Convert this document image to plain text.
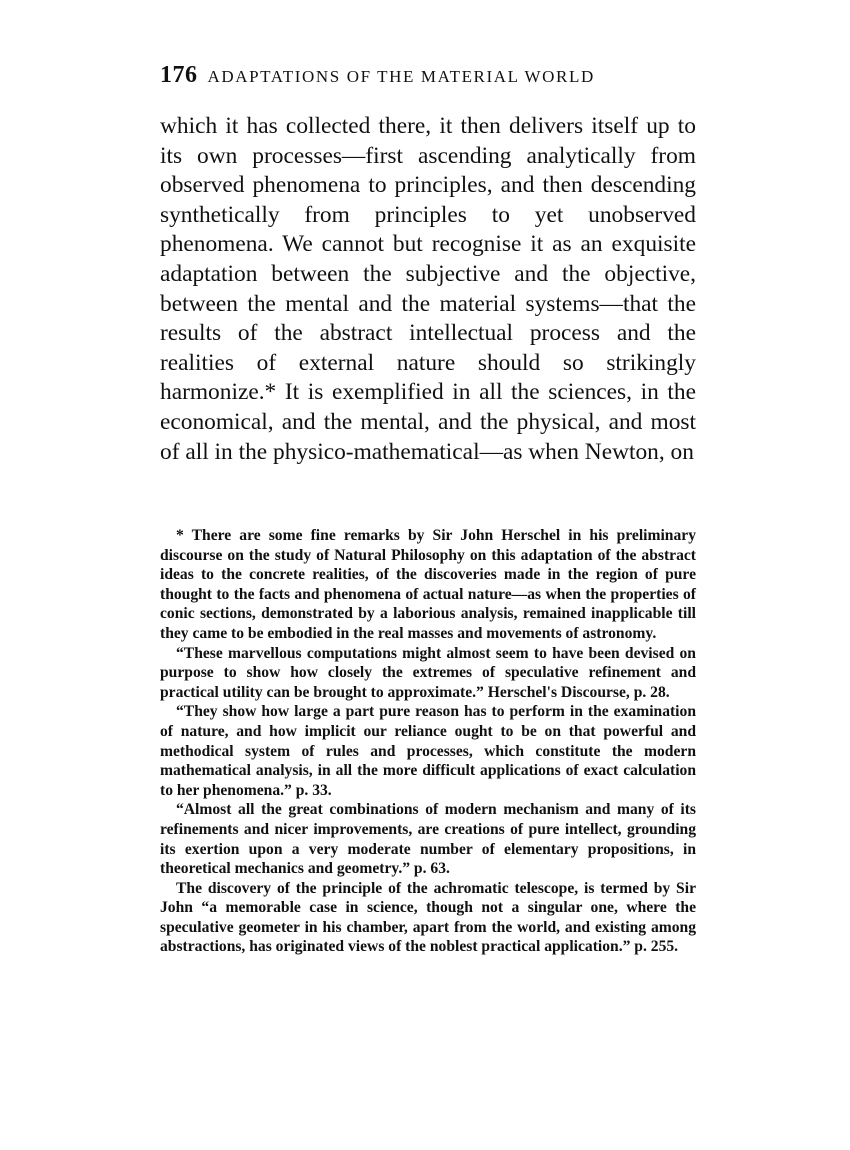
176 ADAPTATIONS OF THE MATERIAL WORLD

which it has collected there, it then delivers itself up to its own processes—first ascending analytically from observed phenomena to principles, and then descending synthetically from principles to yet unobserved phenomena. We cannot but recognise it as an exquisite adaptation between the subjective and the objective, between the mental and the material systems—that the results of the abstract intellectual process and the realities of external nature should so strikingly harmonize.* It is exemplified in all the sciences, in the economical, and the mental, and the physical, and most of all in the physico-mathematical—as when Newton, on

* There are some fine remarks by Sir John Herschel in his preliminary discourse on the study of Natural Philosophy on this adaptation of the abstract ideas to the concrete realities, of the discoveries made in the region of pure thought to the facts and phenomena of actual nature—as when the properties of conic sections, demonstrated by a laborious analysis, remained inapplicable till they came to be embodied in the real masses and movements of astronomy.

“These marvellous computations might almost seem to have been devised on purpose to show how closely the extremes of speculative refinement and practical utility can be brought to approximate.” Herschel's Discourse, p. 28.

“They show how large a part pure reason has to perform in the examination of nature, and how implicit our reliance ought to be on that powerful and methodical system of rules and processes, which constitute the modern mathematical analysis, in all the more difficult applications of exact calculation to her phenomena.” p. 33.

“Almost all the great combinations of modern mechanism and many of its refinements and nicer improvements, are creations of pure intellect, grounding its exertion upon a very moderate number of elementary propositions, in theoretical mechanics and geometry.” p. 63.

The discovery of the principle of the achromatic telescope, is termed by Sir John “a memorable case in science, though not a singular one, where the speculative geometer in his chamber, apart from the world, and existing among abstractions, has originated views of the noblest practical application.” p. 255.
